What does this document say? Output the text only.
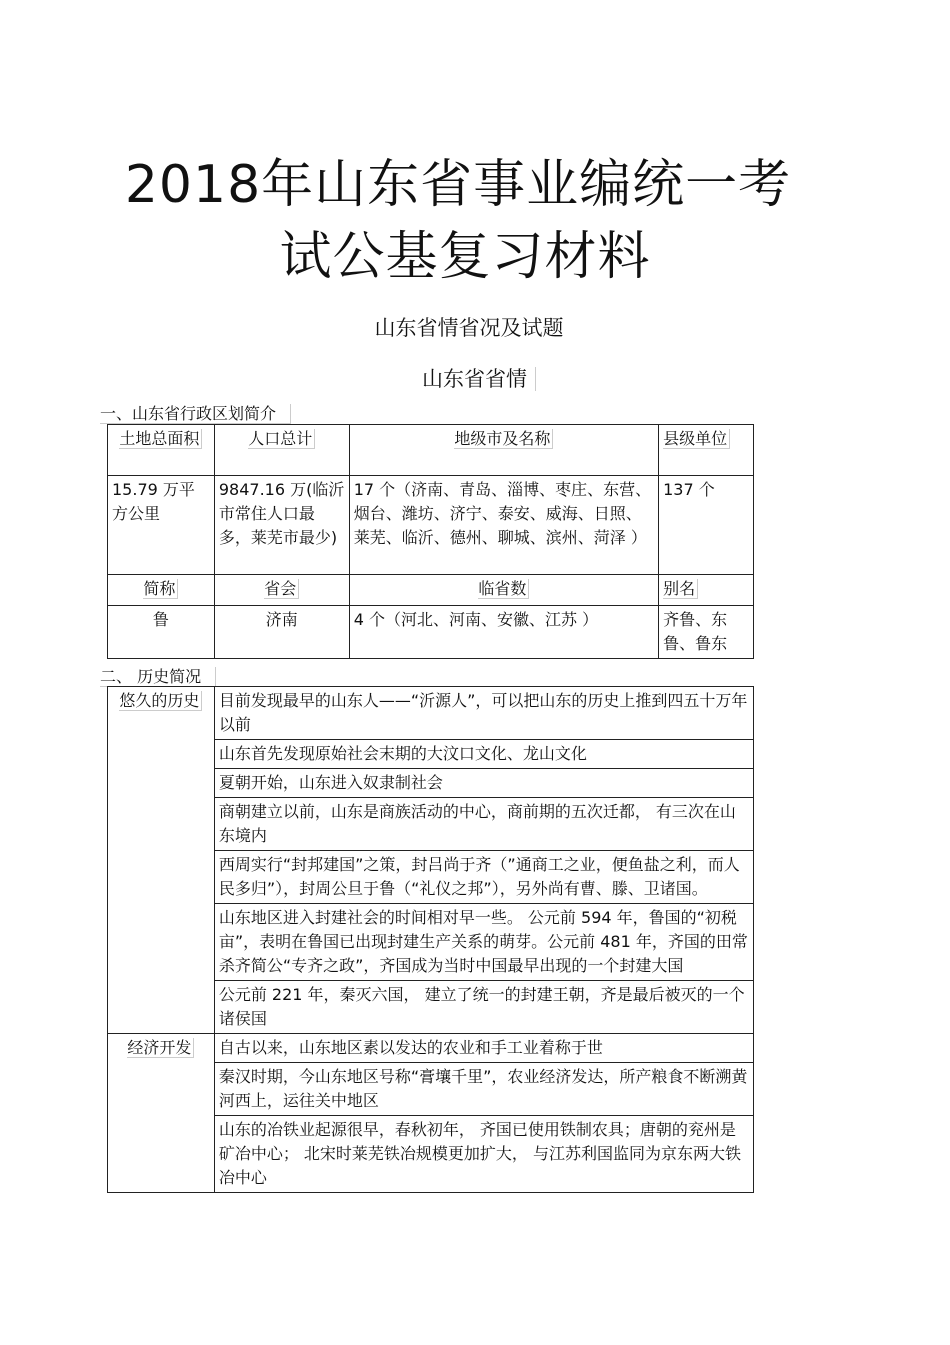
2018年山东省事业编统一考
试公基复习材料
山东省情省况及试题
山东省省情
一、山东省行政区划简介
土地总面积	人口总计	地级市及名称	县级单位
15.79 万平方公里	9847.16 万(临沂市常住人口最多，莱芜市最少)	17 个（济南、青岛、淄博、枣庄、东营、烟台、潍坊、济宁、泰安、威海、日照、莱芜、临沂、德州、聊城、滨州、菏泽 ）	137 个
简称	省会	临省数	别名
鲁	济南	4 个（河北、河南、安徽、江苏 ）	齐鲁、东鲁、鲁东
二、 历史简况
悠久的历史	目前发现最早的山东人——“沂源人”，可以把山东的历史上推到四五十万年以前
	山东首先发现原始社会末期的大汶口文化、龙山文化
	夏朝开始，山东进入奴隶制社会
	商朝建立以前，山东是商族活动的中心，商前期的五次迁都， 有三次在山东境内
	西周实行“封邦建国”之策，封吕尚于齐（”通商工之业，便鱼盐之利，而人民多归”），封周公旦于鲁（“礼仪之邦”），另外尚有曹、滕、卫诸国。
	山东地区进入封建社会的时间相对早一些。 公元前 594 年，鲁国的“初税亩”，表明在鲁国已出现封建生产关系的萌芽。公元前 481 年，齐国的田常杀齐简公“专齐之政”，齐国成为当时中国最早出现的一个封建大国
	公元前 221 年，秦灭六国， 建立了统一的封建王朝，齐是最后被灭的一个诸侯国
经济开发	自古以来，山东地区素以发达的农业和手工业着称于世
	秦汉时期，今山东地区号称“膏壤千里”，农业经济发达，所产粮食不断溯黄河西上，运往关中地区
	山东的冶铁业起源很早，春秋初年， 齐国已使用铁制农具；唐朝的兖州是矿冶中心； 北宋时莱芜铁冶规模更加扩大， 与江苏利国监同为京东两大铁冶中心
